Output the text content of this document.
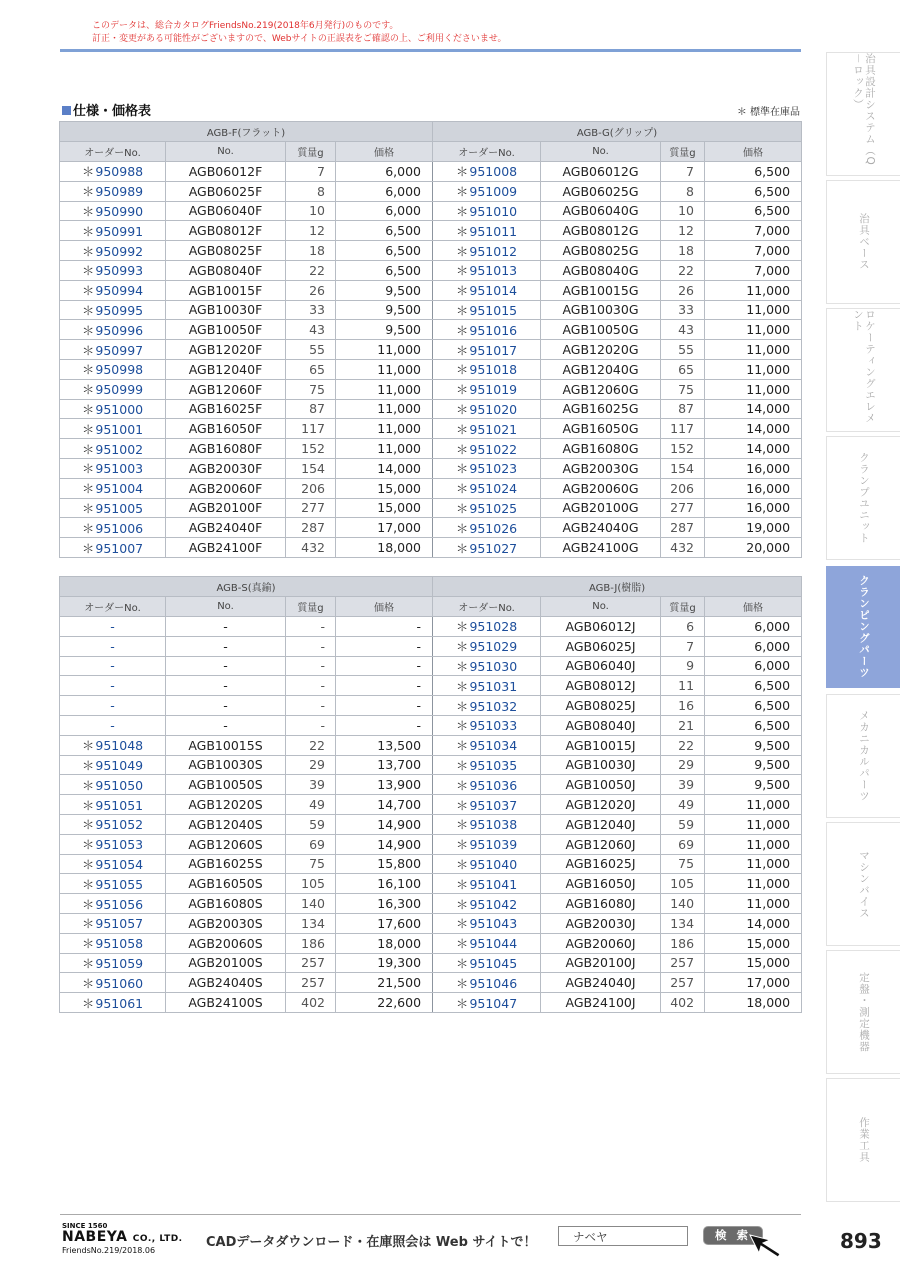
このデータは、総合カタログFriendsNo.219(2018年6月発行)のものです。
訂正・変更がある可能性がございますので、Webサイトの正誤表をご確認の上、ご利用くださいませ。
仕様・価格表	＊ 標準在庫品
AGB-F(フラット)				AGB-G(グリップ)			
オーダーNo.	No.	質量g	価格	オーダーNo.	No.	質量g	価格
＊950988	AGB06012F	7	6,000	＊951008	AGB06012G	7	6,500
＊950989	AGB06025F	8	6,000	＊951009	AGB06025G	8	6,500
＊950990	AGB06040F	10	6,000	＊951010	AGB06040G	10	6,500
＊950991	AGB08012F	12	6,500	＊951011	AGB08012G	12	7,000
＊950992	AGB08025F	18	6,500	＊951012	AGB08025G	18	7,000
＊950993	AGB08040F	22	6,500	＊951013	AGB08040G	22	7,000
＊950994	AGB10015F	26	9,500	＊951014	AGB10015G	26	11,000
＊950995	AGB10030F	33	9,500	＊951015	AGB10030G	33	11,000
＊950996	AGB10050F	43	9,500	＊951016	AGB10050G	43	11,000
＊950997	AGB12020F	55	11,000	＊951017	AGB12020G	55	11,000
＊950998	AGB12040F	65	11,000	＊951018	AGB12040G	65	11,000
＊950999	AGB12060F	75	11,000	＊951019	AGB12060G	75	11,000
＊951000	AGB16025F	87	11,000	＊951020	AGB16025G	87	14,000
＊951001	AGB16050F	117	11,000	＊951021	AGB16050G	117	14,000
＊951002	AGB16080F	152	11,000	＊951022	AGB16080G	152	14,000
＊951003	AGB20030F	154	14,000	＊951023	AGB20030G	154	16,000
＊951004	AGB20060F	206	15,000	＊951024	AGB20060G	206	16,000
＊951005	AGB20100F	277	15,000	＊951025	AGB20100G	277	16,000
＊951006	AGB24040F	287	17,000	＊951026	AGB24040G	287	19,000
＊951007	AGB24100F	432	18,000	＊951027	AGB24100G	432	20,000
AGB-S(真鍮)				AGB-J(樹脂)			
オーダーNo.	No.	質量g	価格	オーダーNo.	No.	質量g	価格
-	-	-	-	＊951028	AGB06012J	6	6,000
-	-	-	-	＊951029	AGB06025J	7	6,000
-	-	-	-	＊951030	AGB06040J	9	6,000
-	-	-	-	＊951031	AGB08012J	11	6,500
-	-	-	-	＊951032	AGB08025J	16	6,500
-	-	-	-	＊951033	AGB08040J	21	6,500
＊951048	AGB10015S	22	13,500	＊951034	AGB10015J	22	9,500
＊951049	AGB10030S	29	13,700	＊951035	AGB10030J	29	9,500
＊951050	AGB10050S	39	13,900	＊951036	AGB10050J	39	9,500
＊951051	AGB12020S	49	14,700	＊951037	AGB12020J	49	11,000
＊951052	AGB12040S	59	14,900	＊951038	AGB12040J	59	11,000
＊951053	AGB12060S	69	14,900	＊951039	AGB12060J	69	11,000
＊951054	AGB16025S	75	15,800	＊951040	AGB16025J	75	11,000
＊951055	AGB16050S	105	16,100	＊951041	AGB16050J	105	11,000
＊951056	AGB16080S	140	16,300	＊951042	AGB16080J	140	11,000
＊951057	AGB20030S	134	17,600	＊951043	AGB20030J	134	14,000
＊951058	AGB20060S	186	18,000	＊951044	AGB20060J	186	15,000
＊951059	AGB20100S	257	19,300	＊951045	AGB20100J	257	15,000
＊951060	AGB24040S	257	21,500	＊951046	AGB24040J	257	17,000
＊951061	AGB24100S	402	22,600	＊951047	AGB24100J	402	18,000
治具設計システム（Q－ロック）
治具ベース
ロケーティングエレメント
クランプユニット
クランピングパーツ
メカニカルパーツ
マシンバイス
定盤・測定機器
作業工具
SINCE 1560
NABEYA CO., LTD.
FriendsNo.219/2018.06
CADデータダウンロード・在庫照会は Web サイトで！	ナベヤ	検 索	893
